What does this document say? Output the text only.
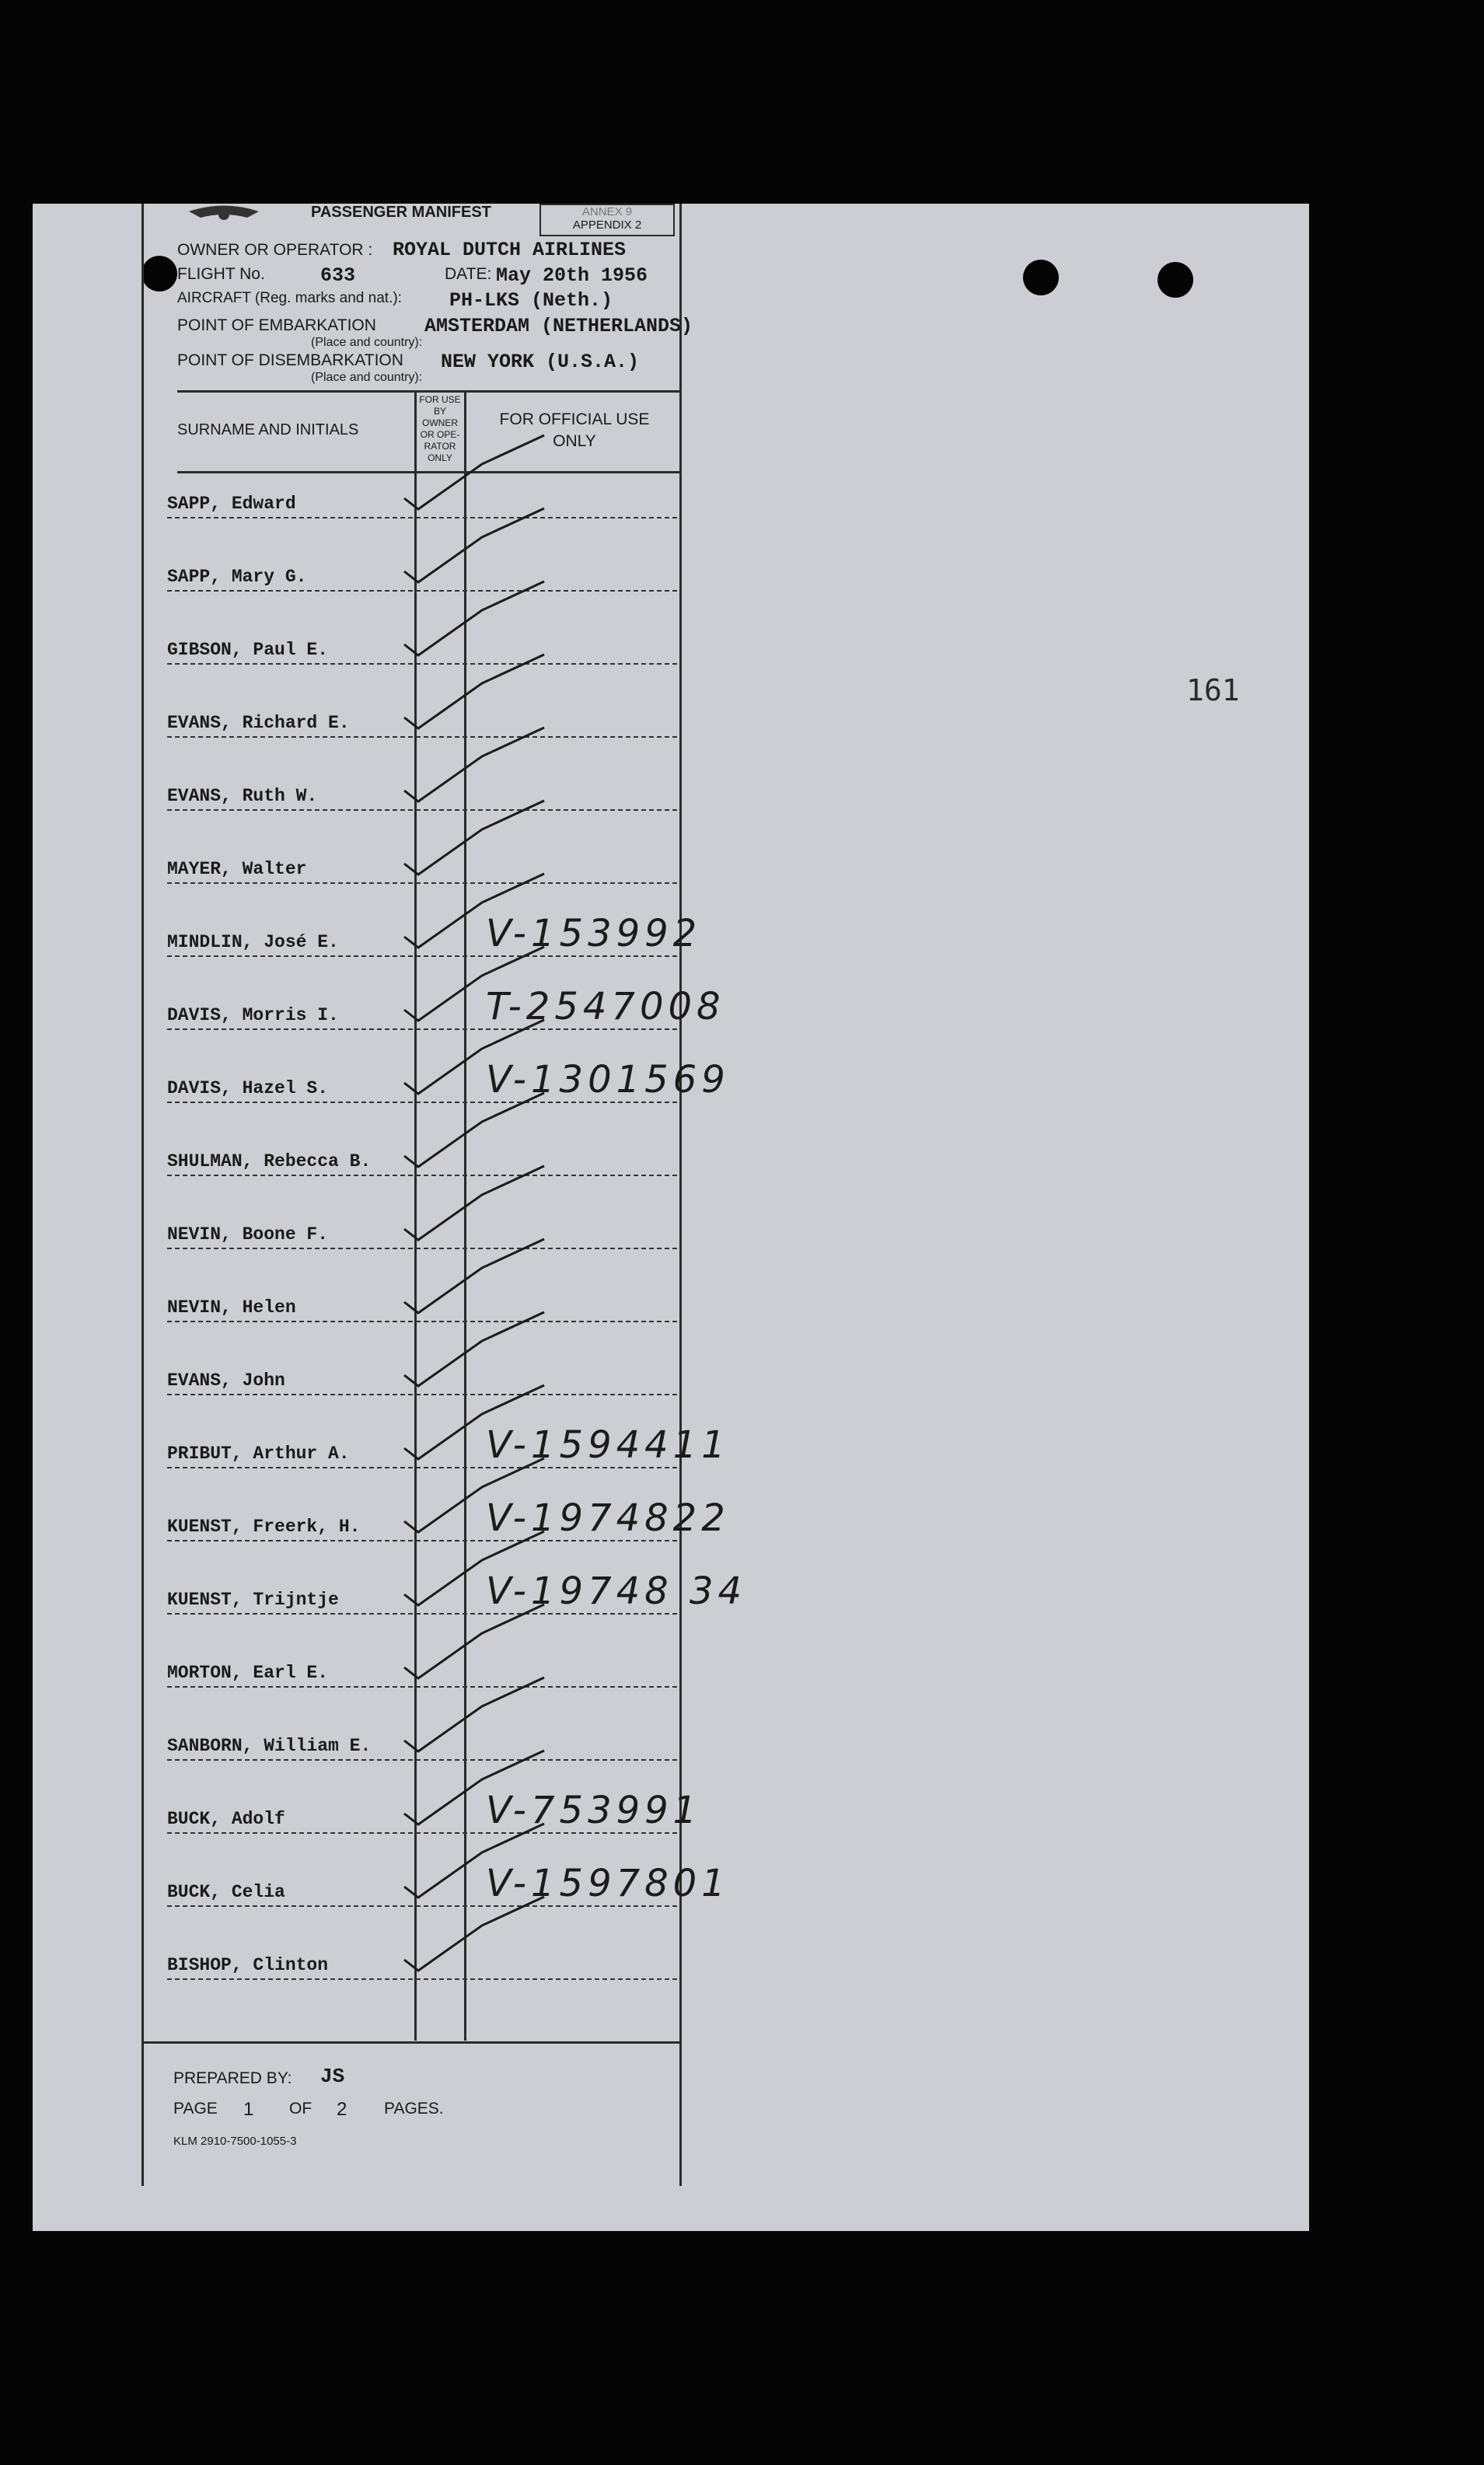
PASSENGER MANIFEST	ANNEX 9
APPENDIX 2
OWNER OR OPERATOR : ROYAL DUTCH AIRLINES
FLIGHT No.	633	DATE: May 20th 1956
AIRCRAFT (Reg. marks and nat.): PH-LKS (Neth.)
POINT OF EMBARKATION AMSTERDAM (NETHERLANDS)
(Place and country):
POINT OF DISEMBARKATION NEW YORK (U.S.A.)
(Place and country):
SURNAME AND INITIALS
FOR USE
BY
OWNER
OR OPE-
RATOR
ONLY
FOR OFFICIAL USE
ONLY
SAPP, Edward
SAPP, Mary G.
GIBSON, Paul E.
EVANS, Richard E.
EVANS, Ruth W.
MAYER, Walter
MINDLIN, José E.	V-153992
DAVIS, Morris I.	T-2547008
DAVIS, Hazel S.	V-1301569
SHULMAN, Rebecca B.
NEVIN, Boone F.
NEVIN, Helen
EVANS, John
PRIBUT, Arthur A.	V-1594411
KUENST, Freerk, H.	V-1974822
KUENST, Trijntje	V-19748 34
MORTON, Earl E.
SANBORN, William E.
BUCK, Adolf	V-753991
BUCK, Celia	V-1597801
BISHOP, Clinton
PREPARED BY: JS
PAGE 1 OF 2 PAGES.
KLM 2910-7500-1055-3
161
